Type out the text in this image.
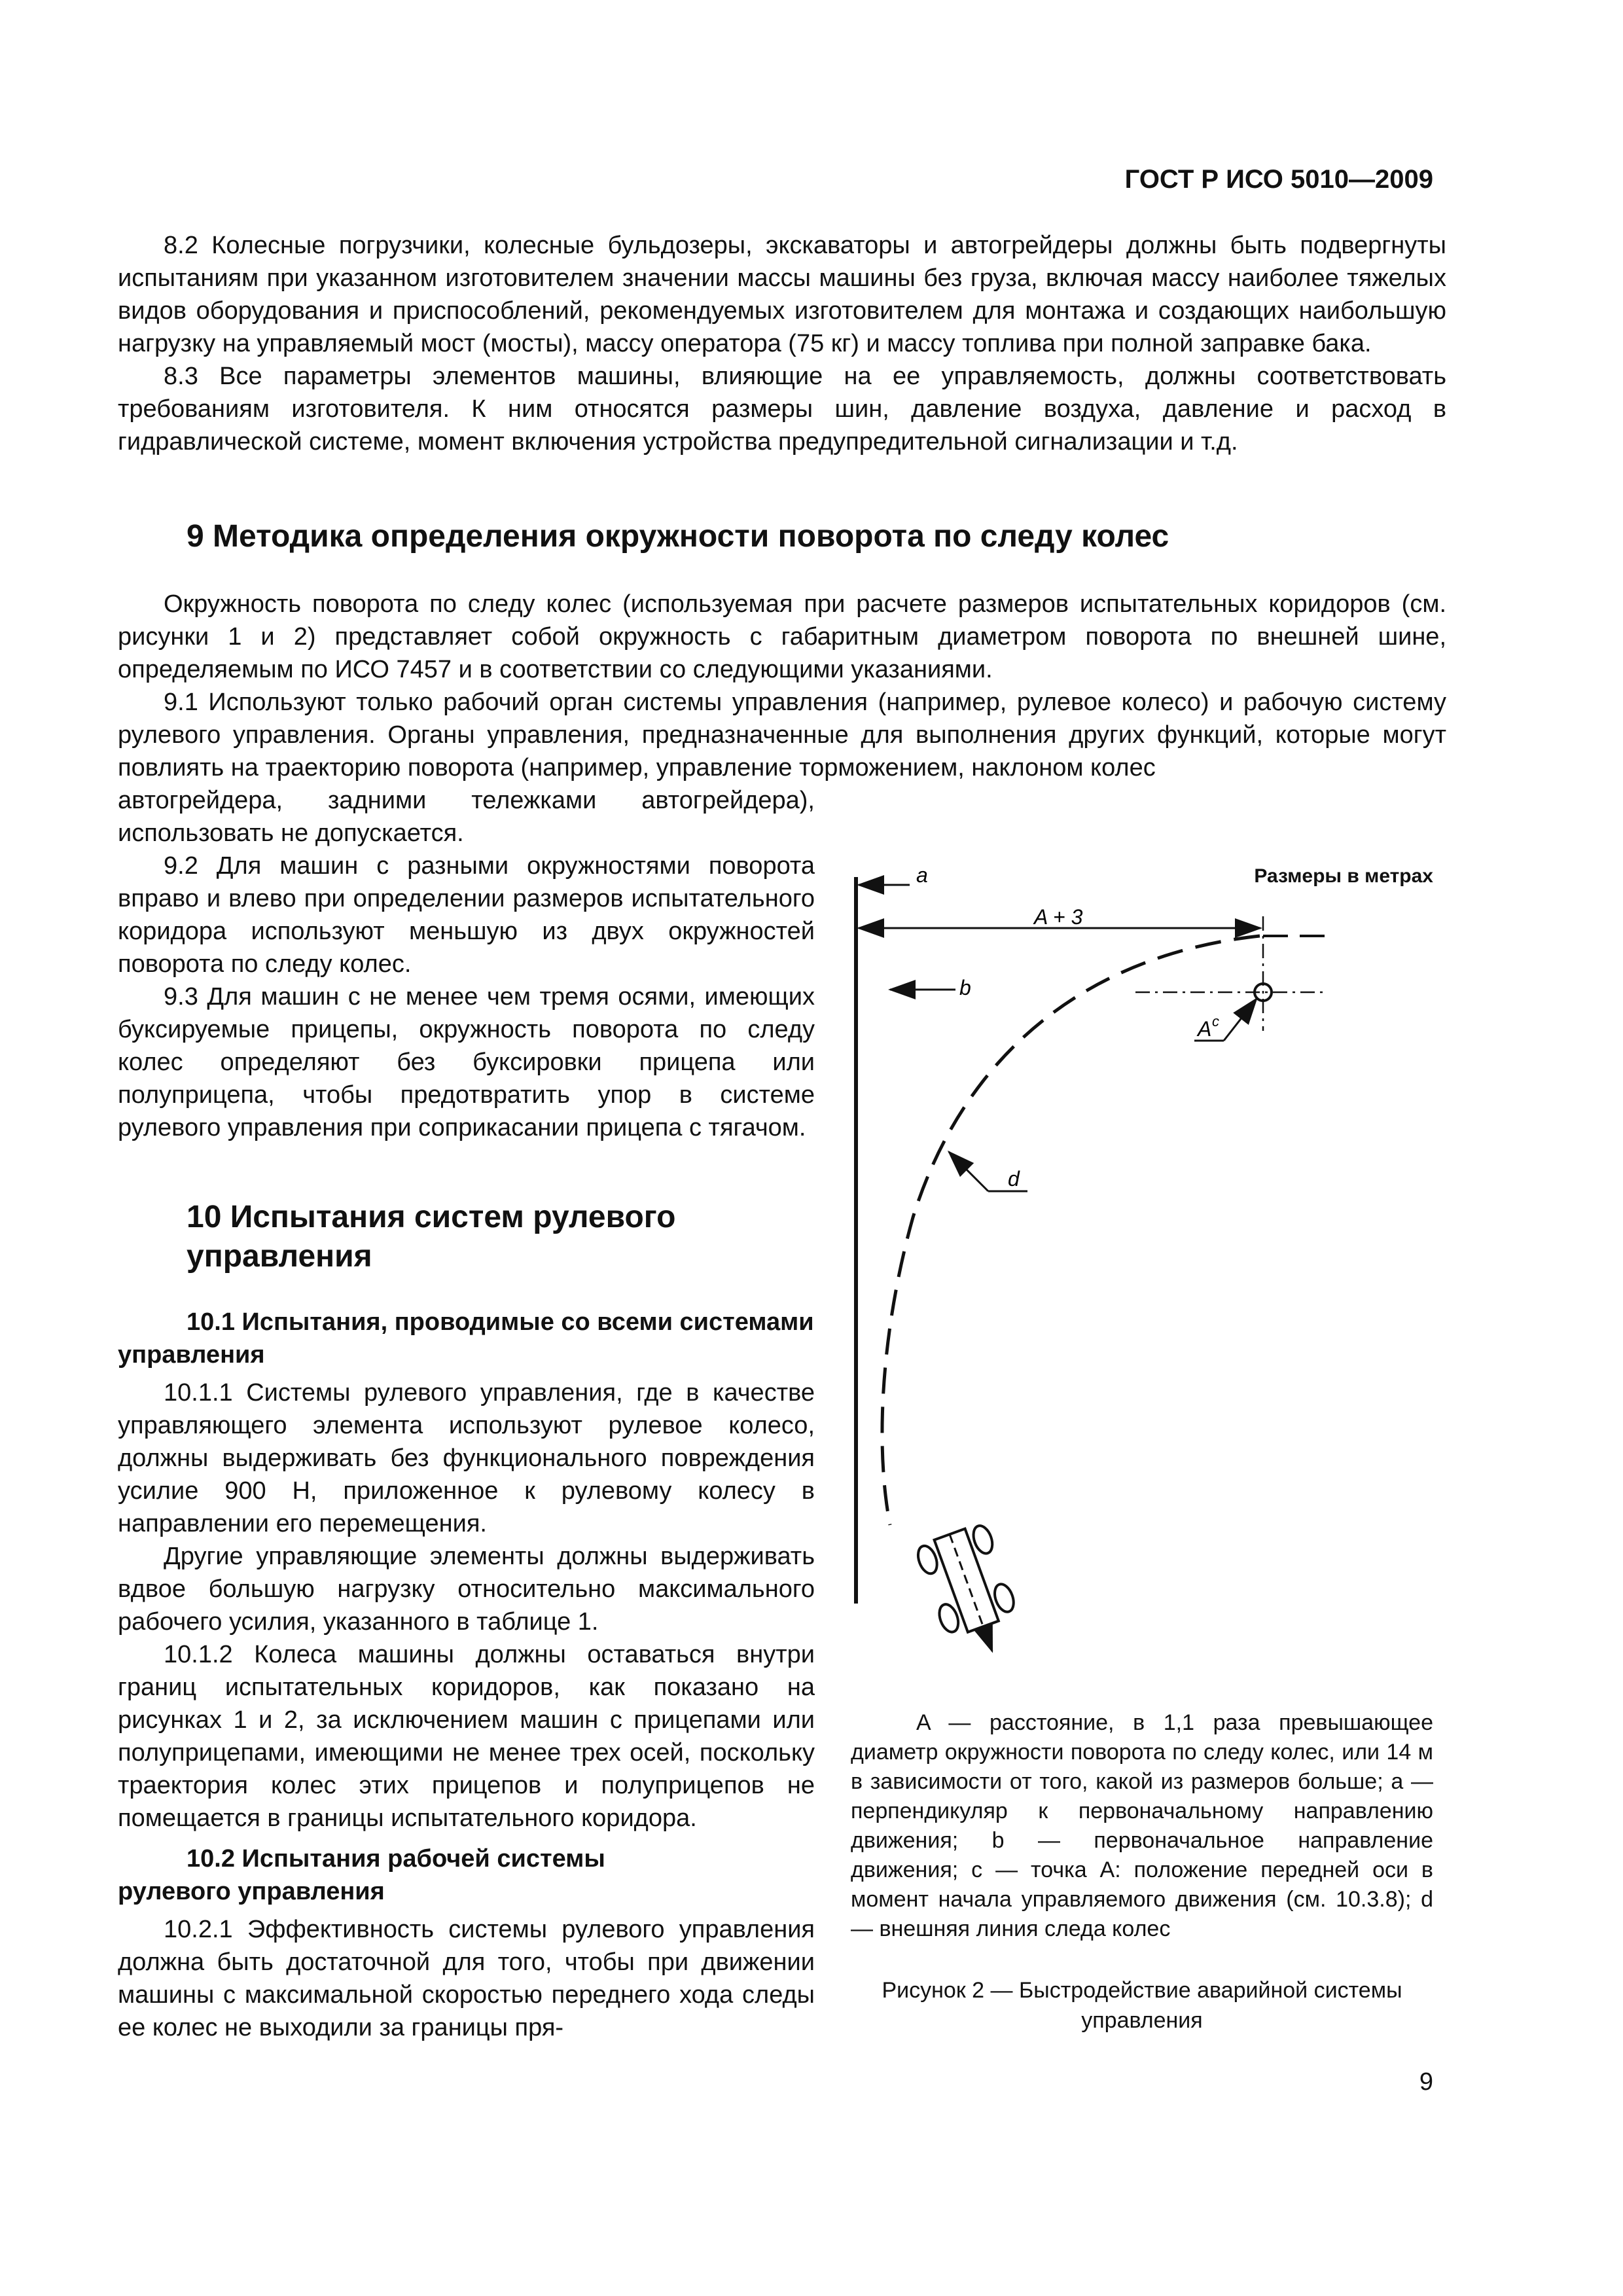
ГОСТ Р ИСО 5010—2009

8.2 Колесные погрузчики, колесные бульдозеры, экскаваторы и автогрейдеры должны быть подвергнуты испытаниям при указанном изготовителем значении массы машины без груза, включая массу наиболее тяжелых видов оборудования и приспособлений, рекомендуемых изготовителем для монтажа и создающих наибольшую нагрузку на управляемый мост (мосты), массу оператора (75 кг) и массу топлива при полной заправке бака.

8.3 Все параметры элементов машины, влияющие на ее управляемость, должны соответствовать требованиям изготовителя. К ним относятся размеры шин, давление воздуха, давление и расход в гидравлической системе, момент включения устройства предупредительной сигнализации и т.д.

9 Методика определения окружности поворота по следу колес

Окружность поворота по следу колес (используемая при расчете размеров испытательных коридоров (см. рисунки 1 и 2) представляет собой окружность с габаритным диаметром поворота по внешней шине, определяемым по ИСО 7457 и в соответствии со следующими указаниями.

9.1 Используют только рабочий орган системы управления (например, рулевое колесо) и рабочую систему рулевого управления. Органы управления, предназначенные для выполнения других функций, которые могут повлиять на траекторию поворота (например, управление торможением, наклоном колес

автогрейдера, задними тележками автогрейдера), использовать не допускается.

9.2 Для машин с разными окружностями поворота вправо и влево при определении размеров испытательного коридора используют меньшую из двух окружностей поворота по следу колес.

9.3 Для машин с не менее чем тремя осями, имеющих буксируемые прицепы, окружность поворота по следу колес определяют без буксировки прицепа или полуприцепа, чтобы предотвратить упор в системе рулевого управления при соприкасании прицепа с тягачом.

10 Испытания систем рулевого управления

10.1 Испытания, проводимые со всеми системами управления

10.1.1 Системы рулевого управления, где в качестве управляющего элемента используют рулевое колесо, должны выдерживать без функционального повреждения усилие 900 Н, приложенное к рулевому колесу в направлении его перемещения.

Другие управляющие элементы должны выдерживать вдвое большую нагрузку относительно максимального рабочего усилия, указанного в таблице 1.

10.1.2 Колеса машины должны оставаться внутри границ испытательных коридоров, как показано на рисунках 1 и 2, за исключением машин с прицепами или полуприцепами, имеющими не менее трех осей, поскольку траектория колес этих прицепов и полуприцепов не помещается в границы испытательного коридора.

10.2 Испытания рабочей системы рулевого управления

10.2.1 Эффективность системы рулевого управления должна быть достаточной для того, чтобы при движении машины с максимальной скоростью переднего хода следы ее колес не выходили за границы пря-

Размеры в метрах
a
A + 3
b
A c
d

A — расстояние, в 1,1 раза превышающее диаметр окружности поворота по следу колес, или 14 м в зависимости от того, какой из размеров больше; a — перпендикуляр к первоначальному направлению движения; b — первоначальное направление движения; c — точка A: положение передней оси в момент начала управляемого движения (см. 10.3.8); d — внешняя линия следа колес

Рисунок 2 — Быстродействие аварийной системы
управления
9
